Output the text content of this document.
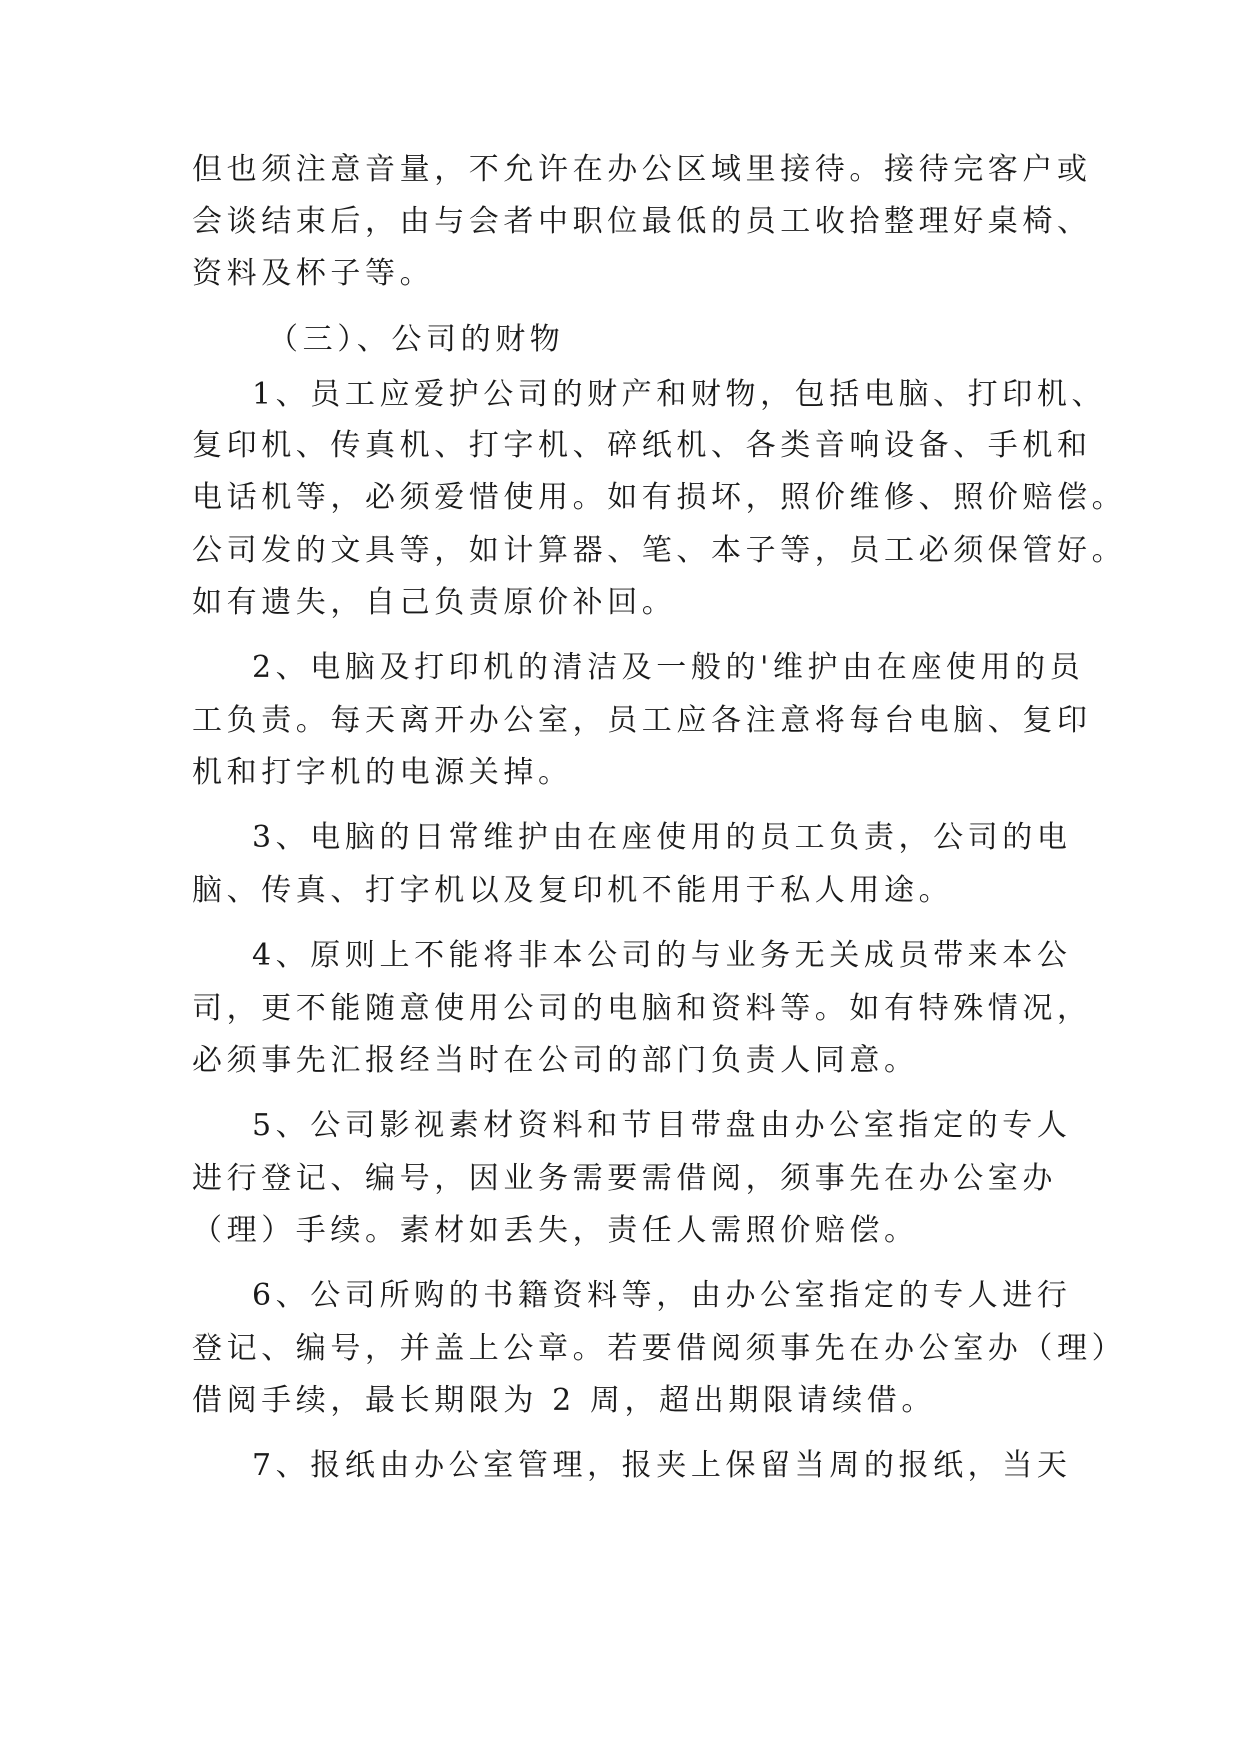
但也须注意音量，不允许在办公区域里接待。接待完客户或
会谈结束后，由与会者中职位最低的员工收拾整理好桌椅、
资料及杯子等。
（三）、公司的财物
1、员工应爱护公司的财产和财物，包括电脑、打印机、
复印机、传真机、打字机、碎纸机、各类音响设备、手机和
电话机等，必须爱惜使用。如有损坏，照价维修、照价赔偿。
公司发的文具等，如计算器、笔、本子等，员工必须保管好。
如有遗失，自己负责原价补回。
2、电脑及打印机的清洁及一般的'维护由在座使用的员
工负责。每天离开办公室，员工应各注意将每台电脑、复印
机和打字机的电源关掉。
3、电脑的日常维护由在座使用的员工负责，公司的电
脑、传真、打字机以及复印机不能用于私人用途。
4、原则上不能将非本公司的与业务无关成员带来本公
司，更不能随意使用公司的电脑和资料等。如有特殊情况，
必须事先汇报经当时在公司的部门负责人同意。
5、公司影视素材资料和节目带盘由办公室指定的专人
进行登记、编号，因业务需要需借阅，须事先在办公室办
（理）手续。素材如丢失，责任人需照价赔偿。
6、公司所购的书籍资料等，由办公室指定的专人进行
登记、编号，并盖上公章。若要借阅须事先在办公室办（理）
借阅手续，最长期限为 2 周，超出期限请续借。
7、报纸由办公室管理，报夹上保留当周的报纸，当天
